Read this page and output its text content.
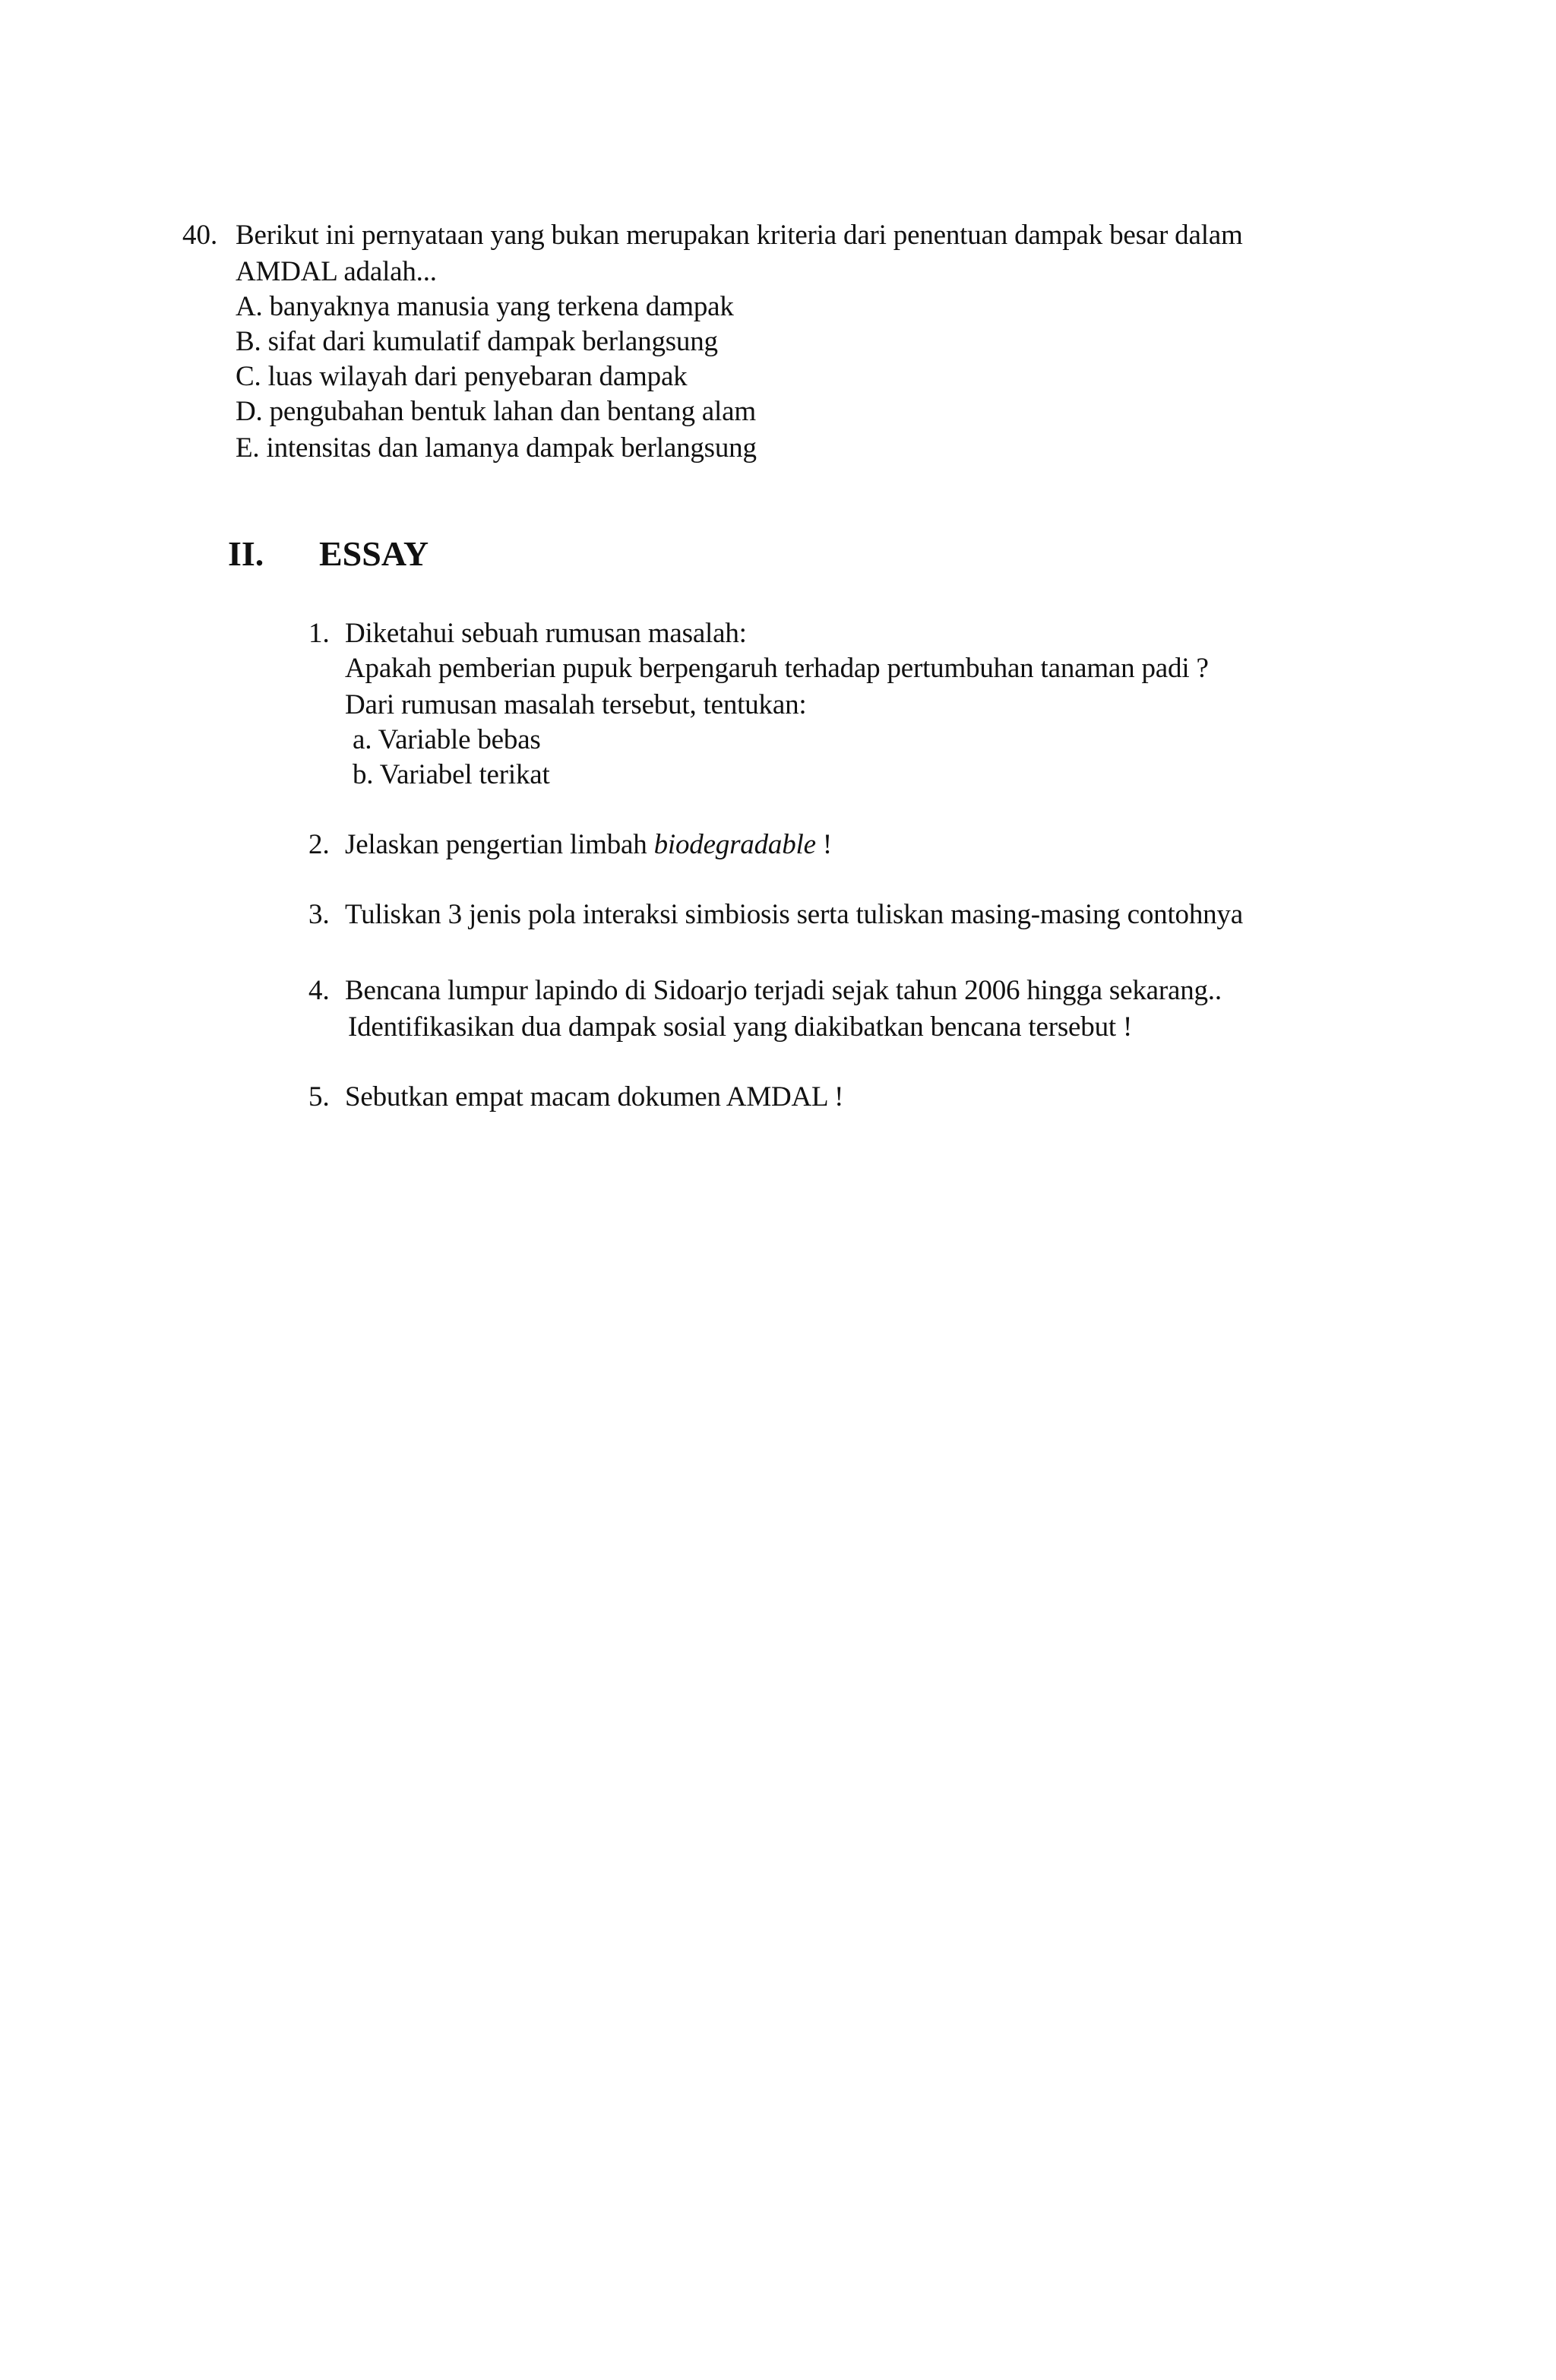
40. Berikut ini pernyataan yang bukan merupakan kriteria dari penentuan dampak besar dalam
AMDAL adalah...
A. banyaknya manusia yang terkena dampak
B. sifat dari kumulatif dampak berlangsung
C. luas wilayah dari penyebaran dampak
D. pengubahan bentuk lahan dan bentang alam
E. intensitas dan lamanya dampak berlangsung
II. ESSAY
1. Diketahui sebuah rumusan masalah:
Apakah pemberian pupuk berpengaruh terhadap pertumbuhan tanaman padi ?
Dari rumusan masalah tersebut, tentukan:
a. Variable bebas
b. Variabel terikat
2. Jelaskan pengertian limbah biodegradable !
3. Tuliskan 3 jenis pola interaksi simbiosis serta tuliskan masing-masing contohnya
4. Bencana lumpur lapindo di Sidoarjo terjadi sejak tahun 2006 hingga sekarang..
Identifikasikan dua dampak sosial yang diakibatkan bencana tersebut !
5. Sebutkan empat macam dokumen AMDAL !
